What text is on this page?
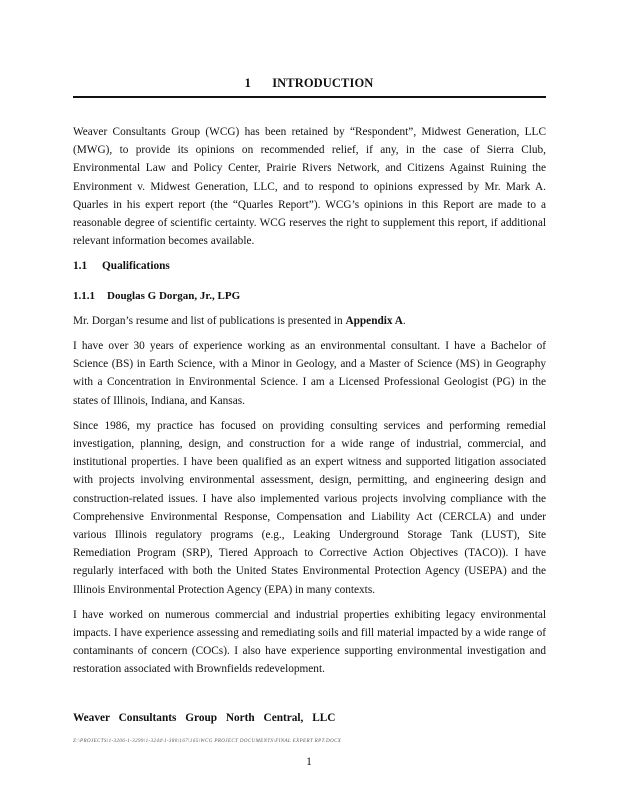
1 INTRODUCTION

Weaver Consultants Group (WCG) has been retained by “Respondent”, Midwest Generation, LLC (MWG), to provide its opinions on recommended relief, if any, in the case of Sierra Club, Environmental Law and Policy Center, Prairie Rivers Network, and Citizens Against Ruining the Environment v. Midwest Generation, LLC, and to respond to opinions expressed by Mr. Mark A. Quarles in his expert report (the “Quarles Report”). WCG’s opinions in this Report are made to a reasonable degree of scientific certainty. WCG reserves the right to supplement this report, if additional relevant information becomes available.

1.1 Qualifications
1.1.1 Douglas G Dorgan, Jr., LPG

Mr. Dorgan’s resume and list of publications is presented in Appendix A.

I have over 30 years of experience working as an environmental consultant. I have a Bachelor of Science (BS) in Earth Science, with a Minor in Geology, and a Master of Science (MS) in Geography with a Concentration in Environmental Science. I am a Licensed Professional Geologist (PG) in the states of Illinois, Indiana, and Kansas.

Since 1986, my practice has focused on providing consulting services and performing remedial investigation, planning, design, and construction for a wide range of industrial, commercial, and institutional properties. I have been qualified as an expert witness and supported litigation associated with projects involving environmental assessment, design, permitting, and engineering design and construction-related issues. I have also implemented various projects involving compliance with the Comprehensive Environmental Response, Compensation and Liability Act (CERCLA) and under various Illinois regulatory programs (e.g., Leaking Underground Storage Tank (LUST), Site Remediation Program (SRP), Tiered Approach to Corrective Action Objectives (TACO)). I have regularly interfaced with both the United States Environmental Protection Agency (USEPA) and the Illinois Environmental Protection Agency (EPA) in many contexts.

I have worked on numerous commercial and industrial properties exhibiting legacy environmental impacts. I have experience assessing and remediating soils and fill material impacted by a wide range of contaminants of concern (COCs). I also have experience supporting environmental investigation and restoration associated with Brownfields redevelopment.

Weaver Consultants Group North Central, LLC
Z:\PROJECTS\1-3206-1-3299\1-3244\1-380\167\165\WCG PROJECT DOCUMENTS\FINAL EXPERT RPT.DOCX
1
